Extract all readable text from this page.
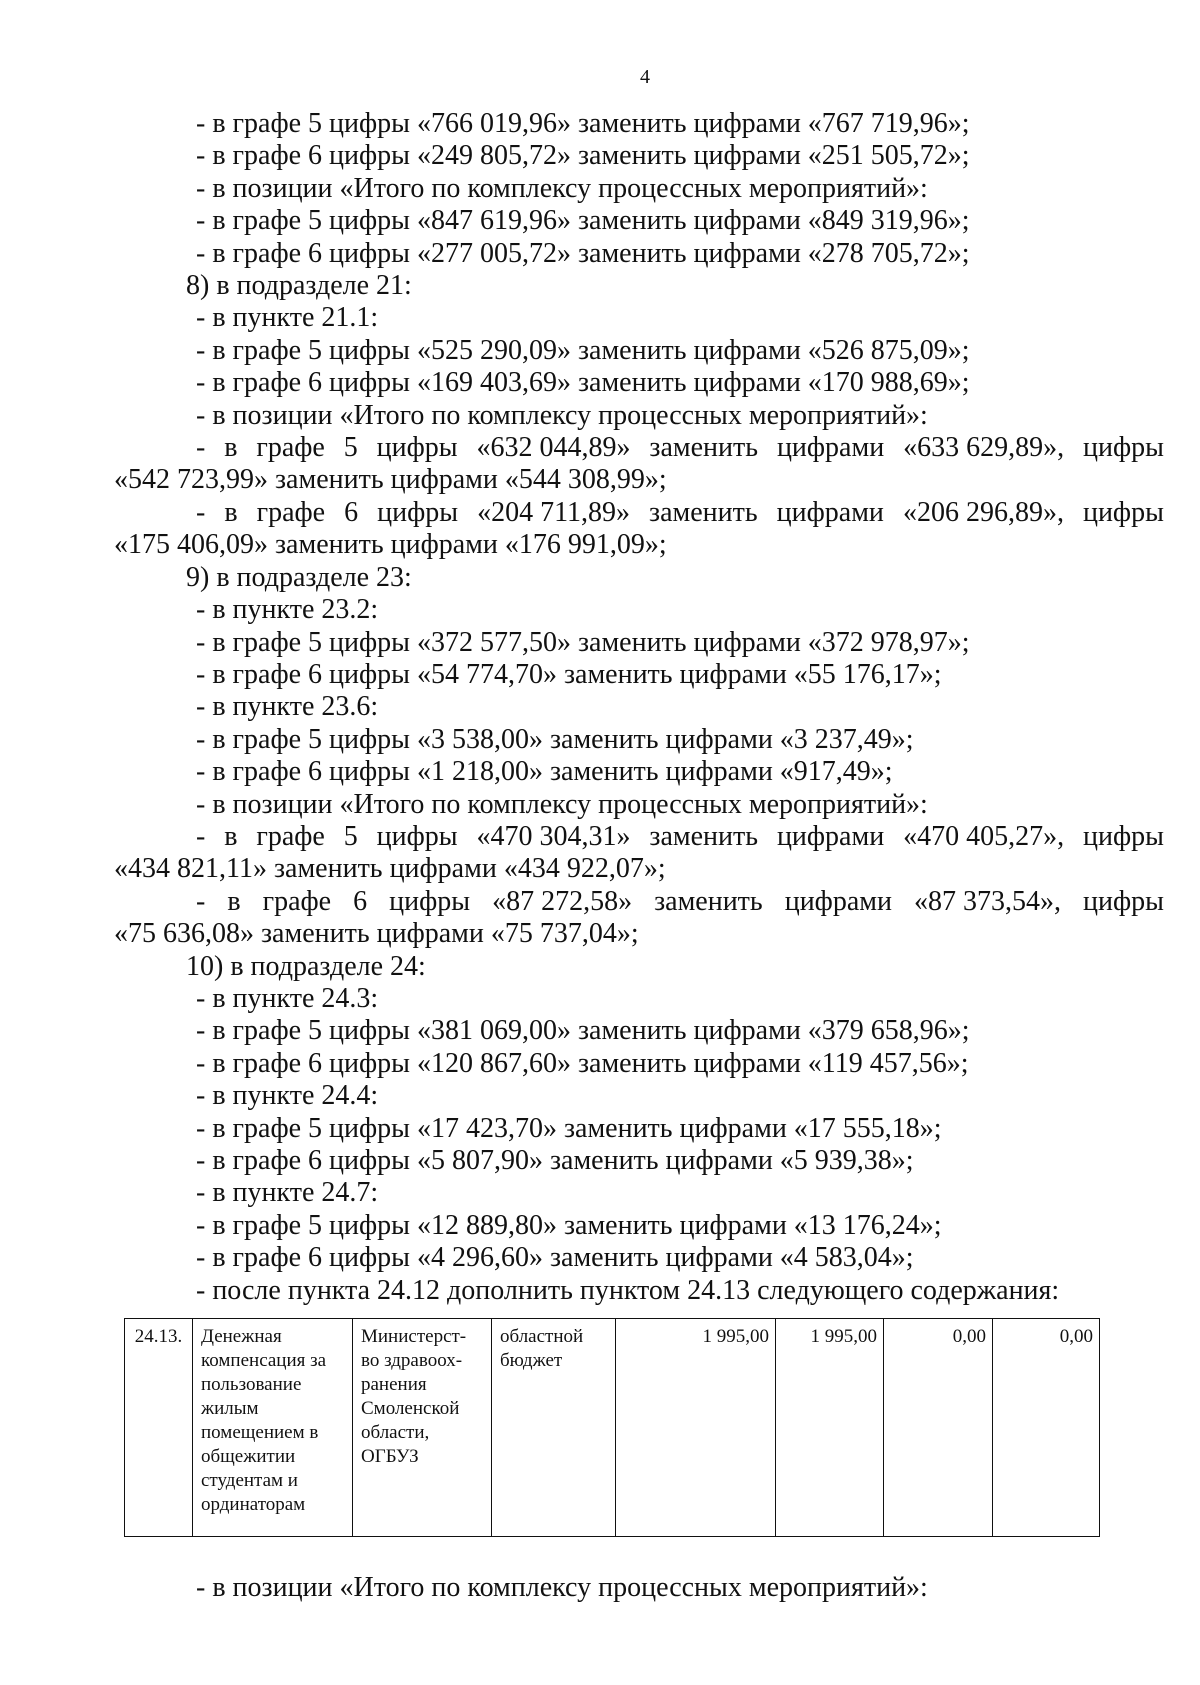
4

- в графе 5 цифры «766 019,96» заменить цифрами «767 719,96»;

- в графе 6 цифры «249 805,72» заменить цифрами «251 505,72»;

- в позиции «Итого по комплексу процессных мероприятий»:

- в графе 5 цифры «847 619,96» заменить цифрами «849 319,96»;

- в графе 6 цифры «277 005,72» заменить цифрами «278 705,72»;

8) в подразделе 21:

- в пункте 21.1:

- в графе 5 цифры «525 290,09» заменить цифрами «526 875,09»;

- в графе 6 цифры «169 403,69» заменить цифрами «170 988,69»;

- в позиции «Итого по комплексу процессных мероприятий»:

- в графе 5 цифры «632 044,89» заменить цифрами «633 629,89», цифры

«542 723,99» заменить цифрами «544 308,99»;

- в графе 6 цифры «204 711,89» заменить цифрами «206 296,89», цифры

«175 406,09» заменить цифрами «176 991,09»;

9) в подразделе 23:

- в пункте 23.2:

- в графе 5 цифры «372 577,50» заменить цифрами «372 978,97»;

- в графе 6 цифры «54 774,70» заменить цифрами «55 176,17»;

- в пункте 23.6:

- в графе 5 цифры «3 538,00» заменить цифрами «3 237,49»;

- в графе 6 цифры «1 218,00» заменить цифрами «917,49»;

- в позиции «Итого по комплексу процессных мероприятий»:

- в графе 5 цифры «470 304,31» заменить цифрами «470 405,27», цифры

«434 821,11» заменить цифрами «434 922,07»;

- в графе 6 цифры «87 272,58» заменить цифрами «87 373,54», цифры

«75 636,08» заменить цифрами «75 737,04»;

10) в подразделе 24:

- в пункте 24.3:

- в графе 5 цифры «381 069,00» заменить цифрами «379 658,96»;

- в графе 6 цифры «120 867,60» заменить цифрами «119 457,56»;

- в пункте 24.4:

- в графе 5 цифры «17 423,70» заменить цифрами «17 555,18»;

- в графе 6 цифры «5 807,90» заменить цифрами «5 939,38»;

- в пункте 24.7:

- в графе 5 цифры «12 889,80» заменить цифрами «13 176,24»;

- в графе 6 цифры «4 296,60» заменить цифрами «4 583,04»;

- после пункта 24.12 дополнить пунктом 24.13 следующего содержания:

24.13.	Денежная компенсация за пользование жилым помещением в общежитии студентам и ординаторам	Министерст-во здравоох-ранения Смоленской области, ОГБУЗ	областной бюджет	1 995,00	1 995,00	0,00	0,00

- в позиции «Итого по комплексу процессных мероприятий»:
